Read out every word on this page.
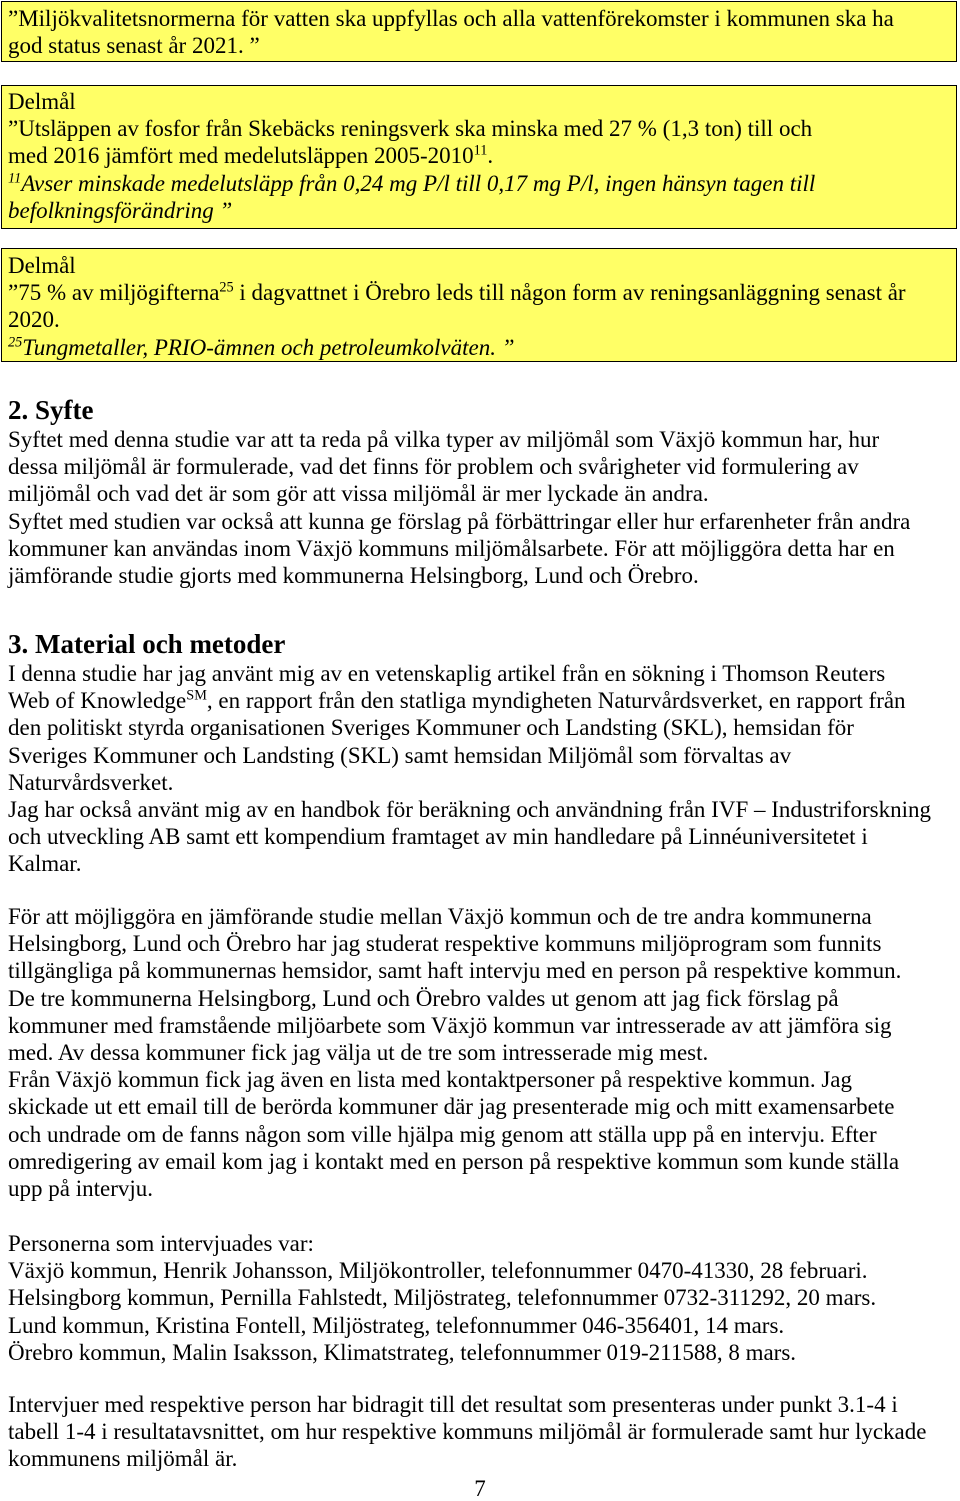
”Miljökvalitetsnormerna för vatten ska uppfyllas och alla vattenförekomster i kommunen ska ha
god status senast år 2021. ”
Delmål
”Utsläppen av fosfor från Skebäcks reningsverk ska minska med 27 % (1,3 ton) till och
med 2016 jämfört med medelutsläppen 2005-2010$^{11}$.
$^{11}$Avser minskade medelutsläpp från 0,24 mg P/l till 0,17 mg P/l, ingen hänsyn tagen till
befolkningsförändring ”
Delmål
”75 % av miljögifterna$^{25}$ i dagvattnet i Örebro leds till någon form av reningsanläggning senast år
2020.
$^{25}$Tungmetaller, PRIO-ämnen och petroleumkolväten. ”
2. Syfte
Syftet med denna studie var att ta reda på vilka typer av miljömål som Växjö kommun har, hur
dessa miljömål är formulerade, vad det finns för problem och svårigheter vid formulering av
miljömål och vad det är som gör att vissa miljömål är mer lyckade än andra.
Syftet med studien var också att kunna ge förslag på förbättringar eller hur erfarenheter från andra
kommuner kan användas inom Växjö kommuns miljömålsarbete. För att möjliggöra detta har en
jämförande studie gjorts med kommunerna Helsingborg, Lund och Örebro.
3. Material och metoder
I denna studie har jag använt mig av en vetenskaplig artikel från en sökning i Thomson Reuters
Web of Knowledge℠, en rapport från den statliga myndigheten Naturvårdsverket, en rapport från
den politiskt styrda organisationen Sveriges Kommuner och Landsting (SKL), hemsidan för
Sveriges Kommuner och Landsting (SKL) samt hemsidan Miljömål som förvaltas av
Naturvårdsverket.
Jag har också använt mig av en handbok för beräkning och användning från IVF – Industriforskning
och utveckling AB samt ett kompendium framtaget av min handledare på Linnéuniversitetet i
Kalmar.
För att möjliggöra en jämförande studie mellan Växjö kommun och de tre andra kommunerna
Helsingborg, Lund och Örebro har jag studerat respektive kommuns miljöprogram som funnits
tillgängliga på kommunernas hemsidor, samt haft intervju med en person på respektive kommun.
De tre kommunerna Helsingborg, Lund och Örebro valdes ut genom att jag fick förslag på
kommuner med framstående miljöarbete som Växjö kommun var intresserade av att jämföra sig
med. Av dessa kommuner fick jag välja ut de tre som intresserade mig mest.
Från Växjö kommun fick jag även en lista med kontaktpersoner på respektive kommun. Jag
skickade ut ett email till de berörda kommuner där jag presenterade mig och mitt examensarbete
och undrade om de fanns någon som ville hjälpa mig genom att ställa upp på en intervju. Efter
omredigering av email kom jag i kontakt med en person på respektive kommun som kunde ställa
upp på intervju.
Personerna som intervjuades var:
Växjö kommun, Henrik Johansson, Miljökontroller, telefonnummer 0470-41330, 28 februari.
Helsingborg kommun, Pernilla Fahlstedt, Miljöstrateg, telefonnummer 0732-311292, 20 mars.
Lund kommun, Kristina Fontell, Miljöstrateg, telefonnummer 046-356401, 14 mars.
Örebro kommun, Malin Isaksson, Klimatstrateg, telefonnummer 019-211588, 8 mars.
Intervjuer med respektive person har bidragit till det resultat som presenteras under punkt 3.1-4 i
tabell 1-4 i resultatavsnittet, om hur respektive kommuns miljömål är formulerade samt hur lyckade
kommunens miljömål är.
7
